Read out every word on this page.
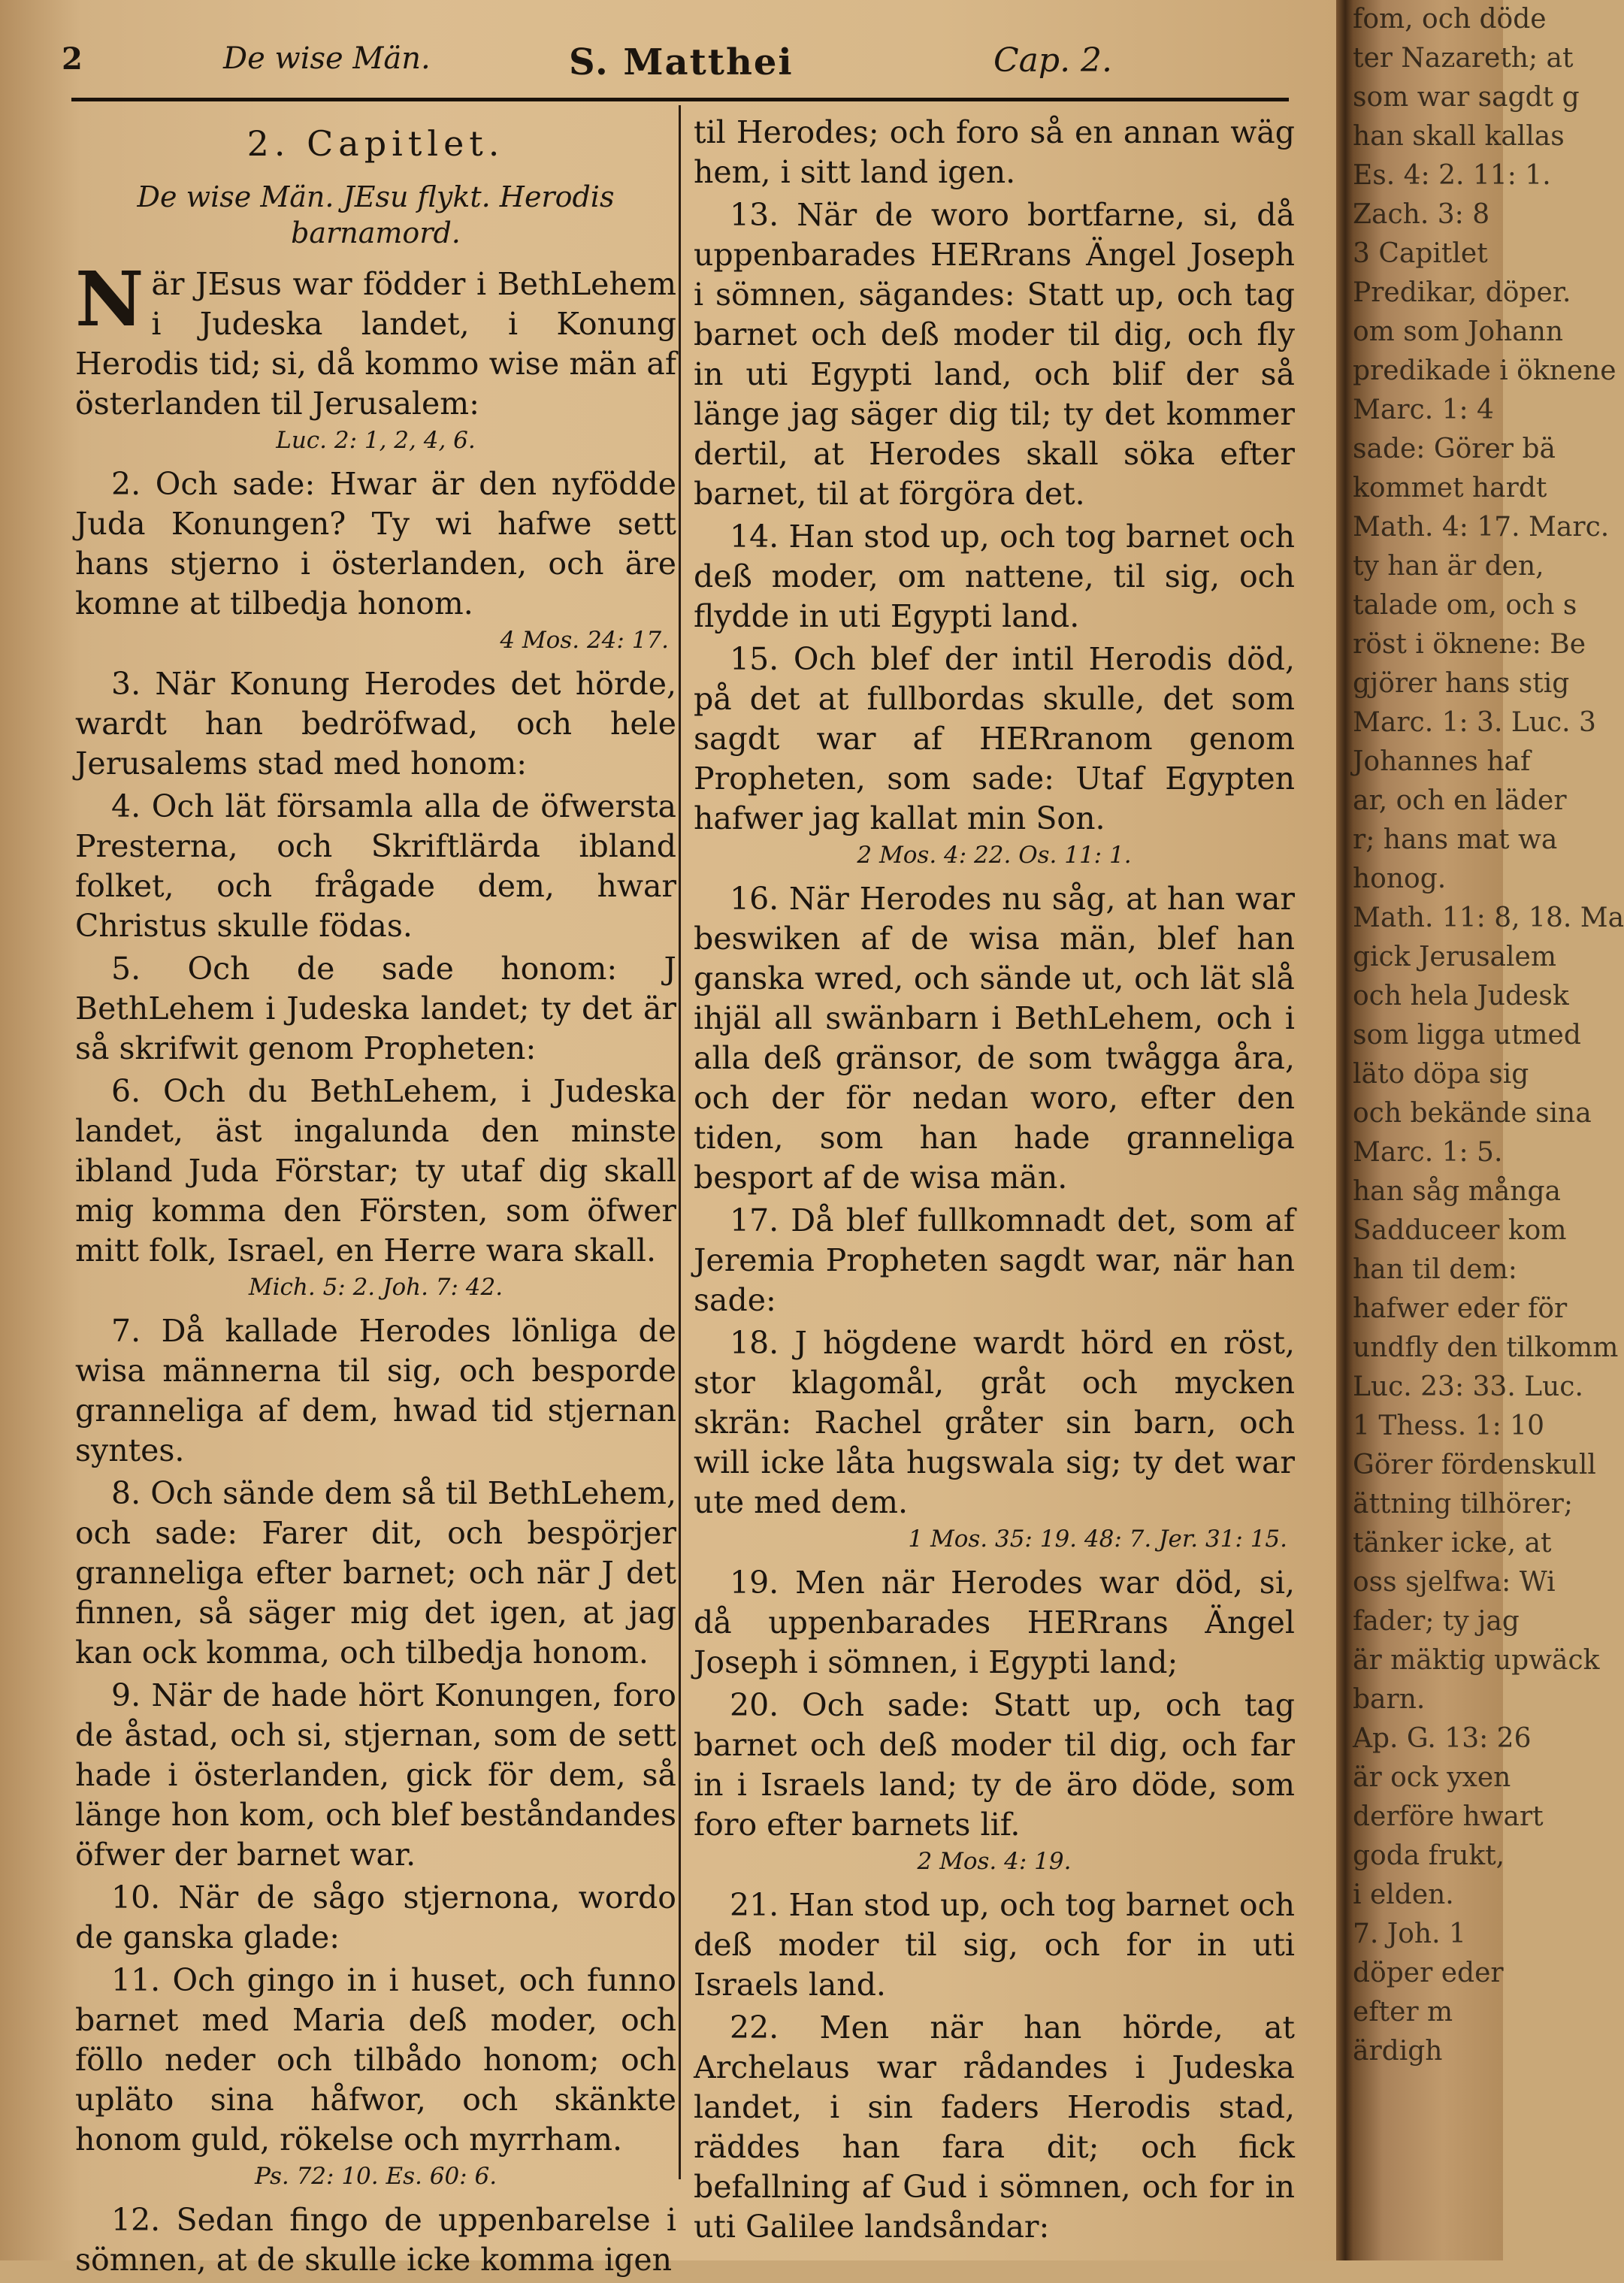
2	De wise Män.	S. Matthei	Cap. 2.
2. Capitlet.
De wise Män. JEsu flykt. Herodis barnamord.

När JEsus war födder i BethLehem i Judeska landet, i Konung Herodis tid; si, då kommo wise män af österlanden til Jerusalem:

Luc. 2: 1, 2, 4, 6.

2. Och sade: Hwar är den nyfödde Juda Konungen? Ty wi hafwe sett hans stjerno i österlanden, och äre komne at tilbedja honom.

4 Mos. 24: 17.

3. När Konung Herodes det hörde, wardt han bedröfwad, och hele Jerusalems stad med honom:

4. Och lät församla alla de öfwersta Presterna, och Skriftlärda ibland folket, och frågade dem, hwar Christus skulle födas.

5. Och de sade honom: J BethLehem i Judeska landet; ty det är så skrifwit genom Propheten:

6. Och du BethLehem, i Judeska landet, äst ingalunda den minste ibland Juda Förstar; ty utaf dig skall mig komma den Försten, som öfwer mitt folk, Israel, en Herre wara skall.

Mich. 5: 2. Joh. 7: 42.

7. Då kallade Herodes lönliga de wisa männerna til sig, och besporde granneliga af dem, hwad tid stjernan syntes.

8. Och sände dem så til BethLehem, och sade: Farer dit, och bespörjer granneliga efter barnet; och när J det finnen, så säger mig det igen, at jag kan ock komma, och tilbedja honom.

9. När de hade hört Konungen, foro de åstad, och si, stjernan, som de sett hade i österlanden, gick för dem, så länge hon kom, och blef beståndandes öfwer der barnet war.

10. När de sågo stjernona, wordo de ganska glade:

11. Och gingo in i huset, och funno barnet med Maria deß moder, och föllo neder och tilbådo honom; och upläto sina håfwor, och skänkte honom guld, rökelse och myrrham.

Ps. 72: 10. Es. 60: 6.

12. Sedan fingo de uppenbarelse i sömnen, at de skulle icke komma igen

til Herodes; och foro så en annan wäg hem, i sitt land igen.

13. När de woro bortfarne, si, då uppenbarades HERrans Ängel Joseph i sömnen, sägandes: Statt up, och tag barnet och deß moder til dig, och fly in uti Egypti land, och blif der så länge jag säger dig til; ty det kommer dertil, at Herodes skall söka efter barnet, til at förgöra det.

14. Han stod up, och tog barnet och deß moder, om nattene, til sig, och flydde in uti Egypti land.

15. Och blef der intil Herodis död, på det at fullbordas skulle, det som sagdt war af HERranom genom Propheten, som sade: Utaf Egypten hafwer jag kallat min Son.

2 Mos. 4: 22. Os. 11: 1.

16. När Herodes nu såg, at han war beswiken af de wisa män, blef han ganska wred, och sände ut, och lät slå ihjäl all swänbarn i BethLehem, och i alla deß gränsor, de som twågga åra, och der för nedan woro, efter den tiden, som han hade granneliga besport af de wisa män.

17. Då blef fullkomnadt det, som af Jeremia Propheten sagdt war, när han sade:

18. J högdene wardt hörd en röst, stor klagomål, gråt och mycken skrän: Rachel gråter sin barn, och will icke låta hugswala sig; ty det war ute med dem.

1 Mos. 35: 19. 48: 7. Jer. 31: 15.

19. Men när Herodes war död, si, då uppenbarades HERrans Ängel Joseph i sömnen, i Egypti land;

20. Och sade: Statt up, och tag barnet och deß moder til dig, och far in i Israels land; ty de äro döde, som foro efter barnets lif.

2 Mos. 4: 19.

21. Han stod up, och tog barnet och deß moder til sig, och for in uti Israels land.

22. Men när han hörde, at Archelaus war rådandes i Judeska landet, i sin faders Herodis stad, räddes han fara dit; och fick befallning af Gud i sömnen, och for in uti Galilee landsåndar:

fom, och döde
ter Nazareth; at
som war sagdt g
han skall kallas
Es. 4: 2. 11: 1.
Zach. 3: 8
3 Capitlet
Predikar, döper.
om som Johann
predikade i öknene
Marc. 1: 4
sade: Görer bä
kommet hardt
Math. 4: 17. Marc.
ty han är den,
talade om, och s
röst i öknene: Be
gjörer hans stig
Marc. 1: 3. Luc. 3
Johannes haf
ar, och en läder
r; hans mat wa
honog.
Math. 11: 8, 18. Ma
gick Jerusalem
och hela Judesk
som ligga utmed
läto döpa sig
och bekände sina
Marc. 1: 5.
han såg många
Sadduceer kom
han til dem:
hafwer eder för
undfly den tilkomm
Luc. 23: 33. Luc.
1 Thess. 1: 10
Görer fördenskull
ättning tilhörer;
tänker icke, at
oss sjelfwa: Wi
fader; ty jag
är mäktig upwäck
barn.
Ap. G. 13: 26
är ock yxen
derföre hwart
goda frukt,
i elden.
7. Joh. 1
döper eder
efter m
ärdigh
